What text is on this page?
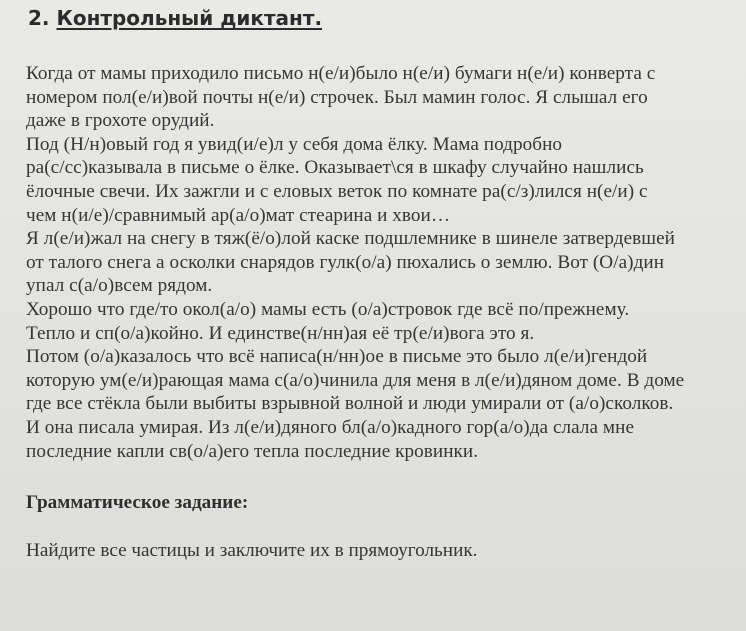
2. Контрольный диктант.
Когда от мамы приходило письмо н(е/и)было н(е/и) бумаги н(е/и) конверта с
номером пол(е/и)вой почты н(е/и) строчек. Был мамин голос. Я слышал его
даже в грохоте орудий.
Под (Н/н)овый год я увид(и/е)л у себя дома ёлку. Мама подробно
ра(с/сс)казывала в письме о ёлке. Оказывает\ся в шкафу случайно нашлись
ёлочные свечи. Их зажгли и с еловых веток по комнате ра(с/з)лился н(е/и) с
чем н(и/е)/сравнимый ар(а/о)мат стеарина и хвои…
Я л(е/и)жал на снегу в тяж(ё/о)лой каске подшлемнике в шинеле затвердевшей
от талого снега а осколки снарядов гулк(о/а) пюхались о землю. Вот (О/а)дин
упал с(а/о)всем рядом.
Хорошо что где/то окол(а/о) мамы есть (о/а)стровок где всё по/прежнему.
Тепло и сп(о/а)койно. И единстве(н/нн)ая её тр(е/и)вога это я.
Потом (о/а)казалось что всё написа(н/нн)ое в письме это было л(е/и)гендой
которую ум(е/и)рающая мама с(а/о)чинила для меня в л(е/и)дяном доме. В доме
где все стёкла были выбиты взрывной волной и люди умирали от (а/о)сколков.
И она писала умирая. Из л(е/и)дяного бл(а/о)кадного гор(а/о)да слала мне
последние капли св(о/а)его тепла последние кровинки.
Грамматическое задание:
Найдите все частицы и заключите их в прямоугольник.
